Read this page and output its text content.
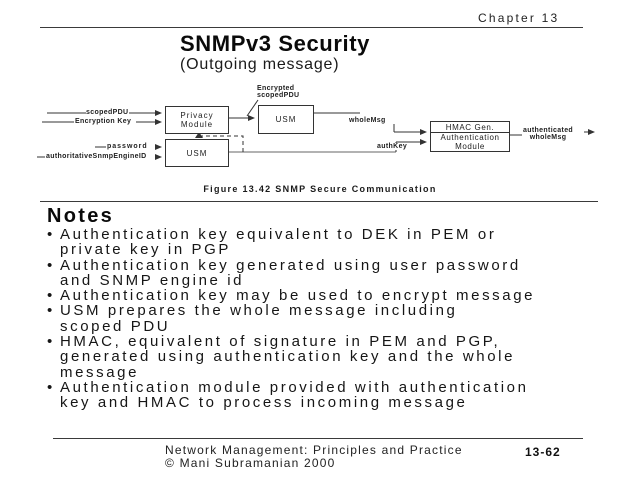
Chapter 13
SNMPv3 Security
(Outgoing message)
Privacy
Module
USM
USM
HMAC Gen.
Authentication
Module
scopedPDU
Encryption Key
password
authoritativeSnmpEngineID
Encrypted
scopedPDU
wholeMsg
authKey
authenticated
wholeMsg
Figure 13.42 SNMP Secure Communication
Notes
• Authentication key equivalent to DEK in PEM or
private key in PGP
• Authentication key generated using user password
and SNMP engine id
• Authentication key may be used to encrypt message
• USM prepares the whole message including
scoped PDU
• HMAC, equivalent of signature in PEM and PGP,
generated using authentication key and the whole
message
• Authentication module provided with authentication
key and HMAC to process incoming message
Network Management: Principles and Practice
© Mani Subramanian 2000
13-62
